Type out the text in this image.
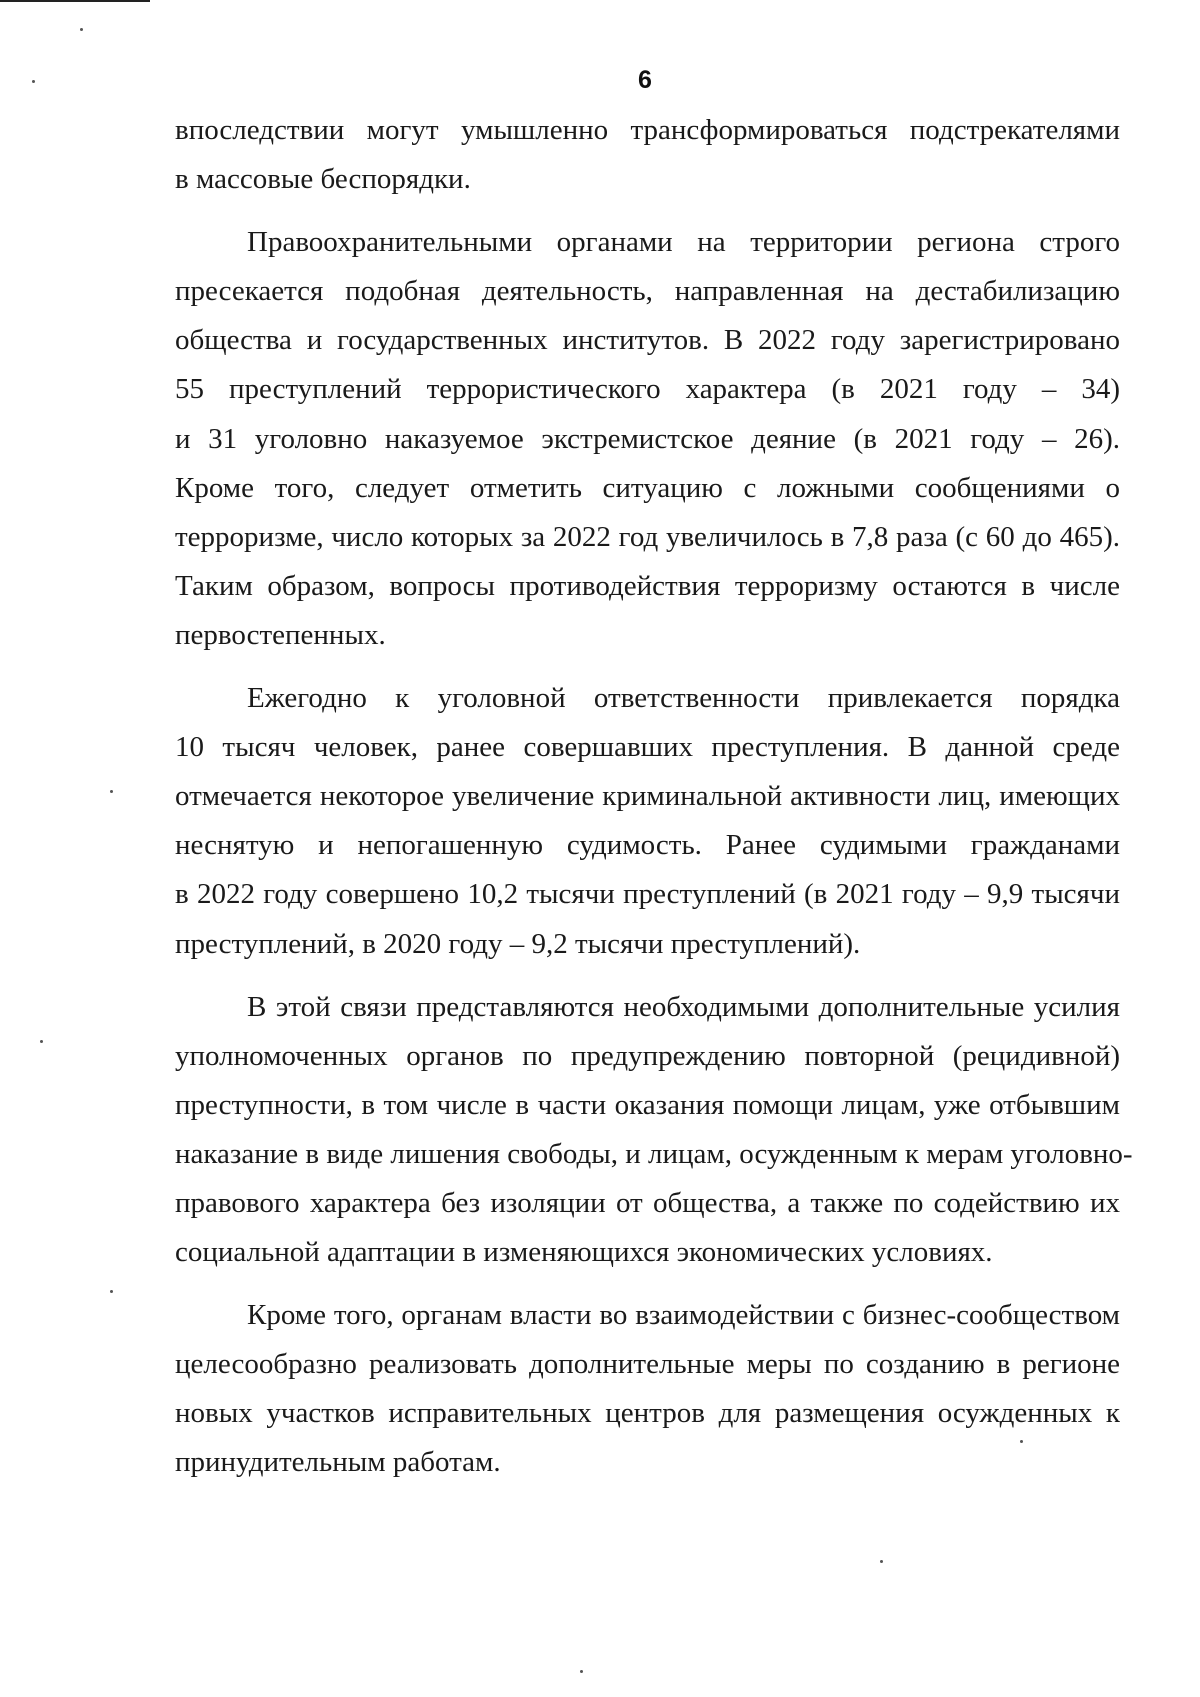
6
впоследствии могут умышленно трансформироваться подстрекателями
в массовые беспорядки.
Правоохранительными органами на территории региона строго
пресекается подобная деятельность, направленная на дестабилизацию
общества и государственных институтов. В 2022 году зарегистрировано
55 преступлений террористического характера (в 2021 году – 34)
и 31 уголовно наказуемое экстремистское деяние (в 2021 году – 26).
Кроме того, следует отметить ситуацию с ложными сообщениями о
терроризме, число которых за 2022 год увеличилось в 7,8 раза (с 60 до 465).
Таким образом, вопросы противодействия терроризму остаются в числе
первостепенных.
Ежегодно к уголовной ответственности привлекается порядка
10 тысяч человек, ранее совершавших преступления. В данной среде
отмечается некоторое увеличение криминальной активности лиц, имеющих
неснятую и непогашенную судимость. Ранее судимыми гражданами
в 2022 году совершено 10,2 тысячи преступлений (в 2021 году – 9,9 тысячи
преступлений, в 2020 году – 9,2 тысячи преступлений).
В этой связи представляются необходимыми дополнительные усилия
уполномоченных органов по предупреждению повторной (рецидивной)
преступности, в том числе в части оказания помощи лицам, уже отбывшим
наказание в виде лишения свободы, и лицам, осужденным к мерам уголовно-
правового характера без изоляции от общества, а также по содействию их
социальной адаптации в изменяющихся экономических условиях.
Кроме того, органам власти во взаимодействии с бизнес-сообществом
целесообразно реализовать дополнительные меры по созданию в регионе
новых участков исправительных центров для размещения осужденных к
принудительным работам.
